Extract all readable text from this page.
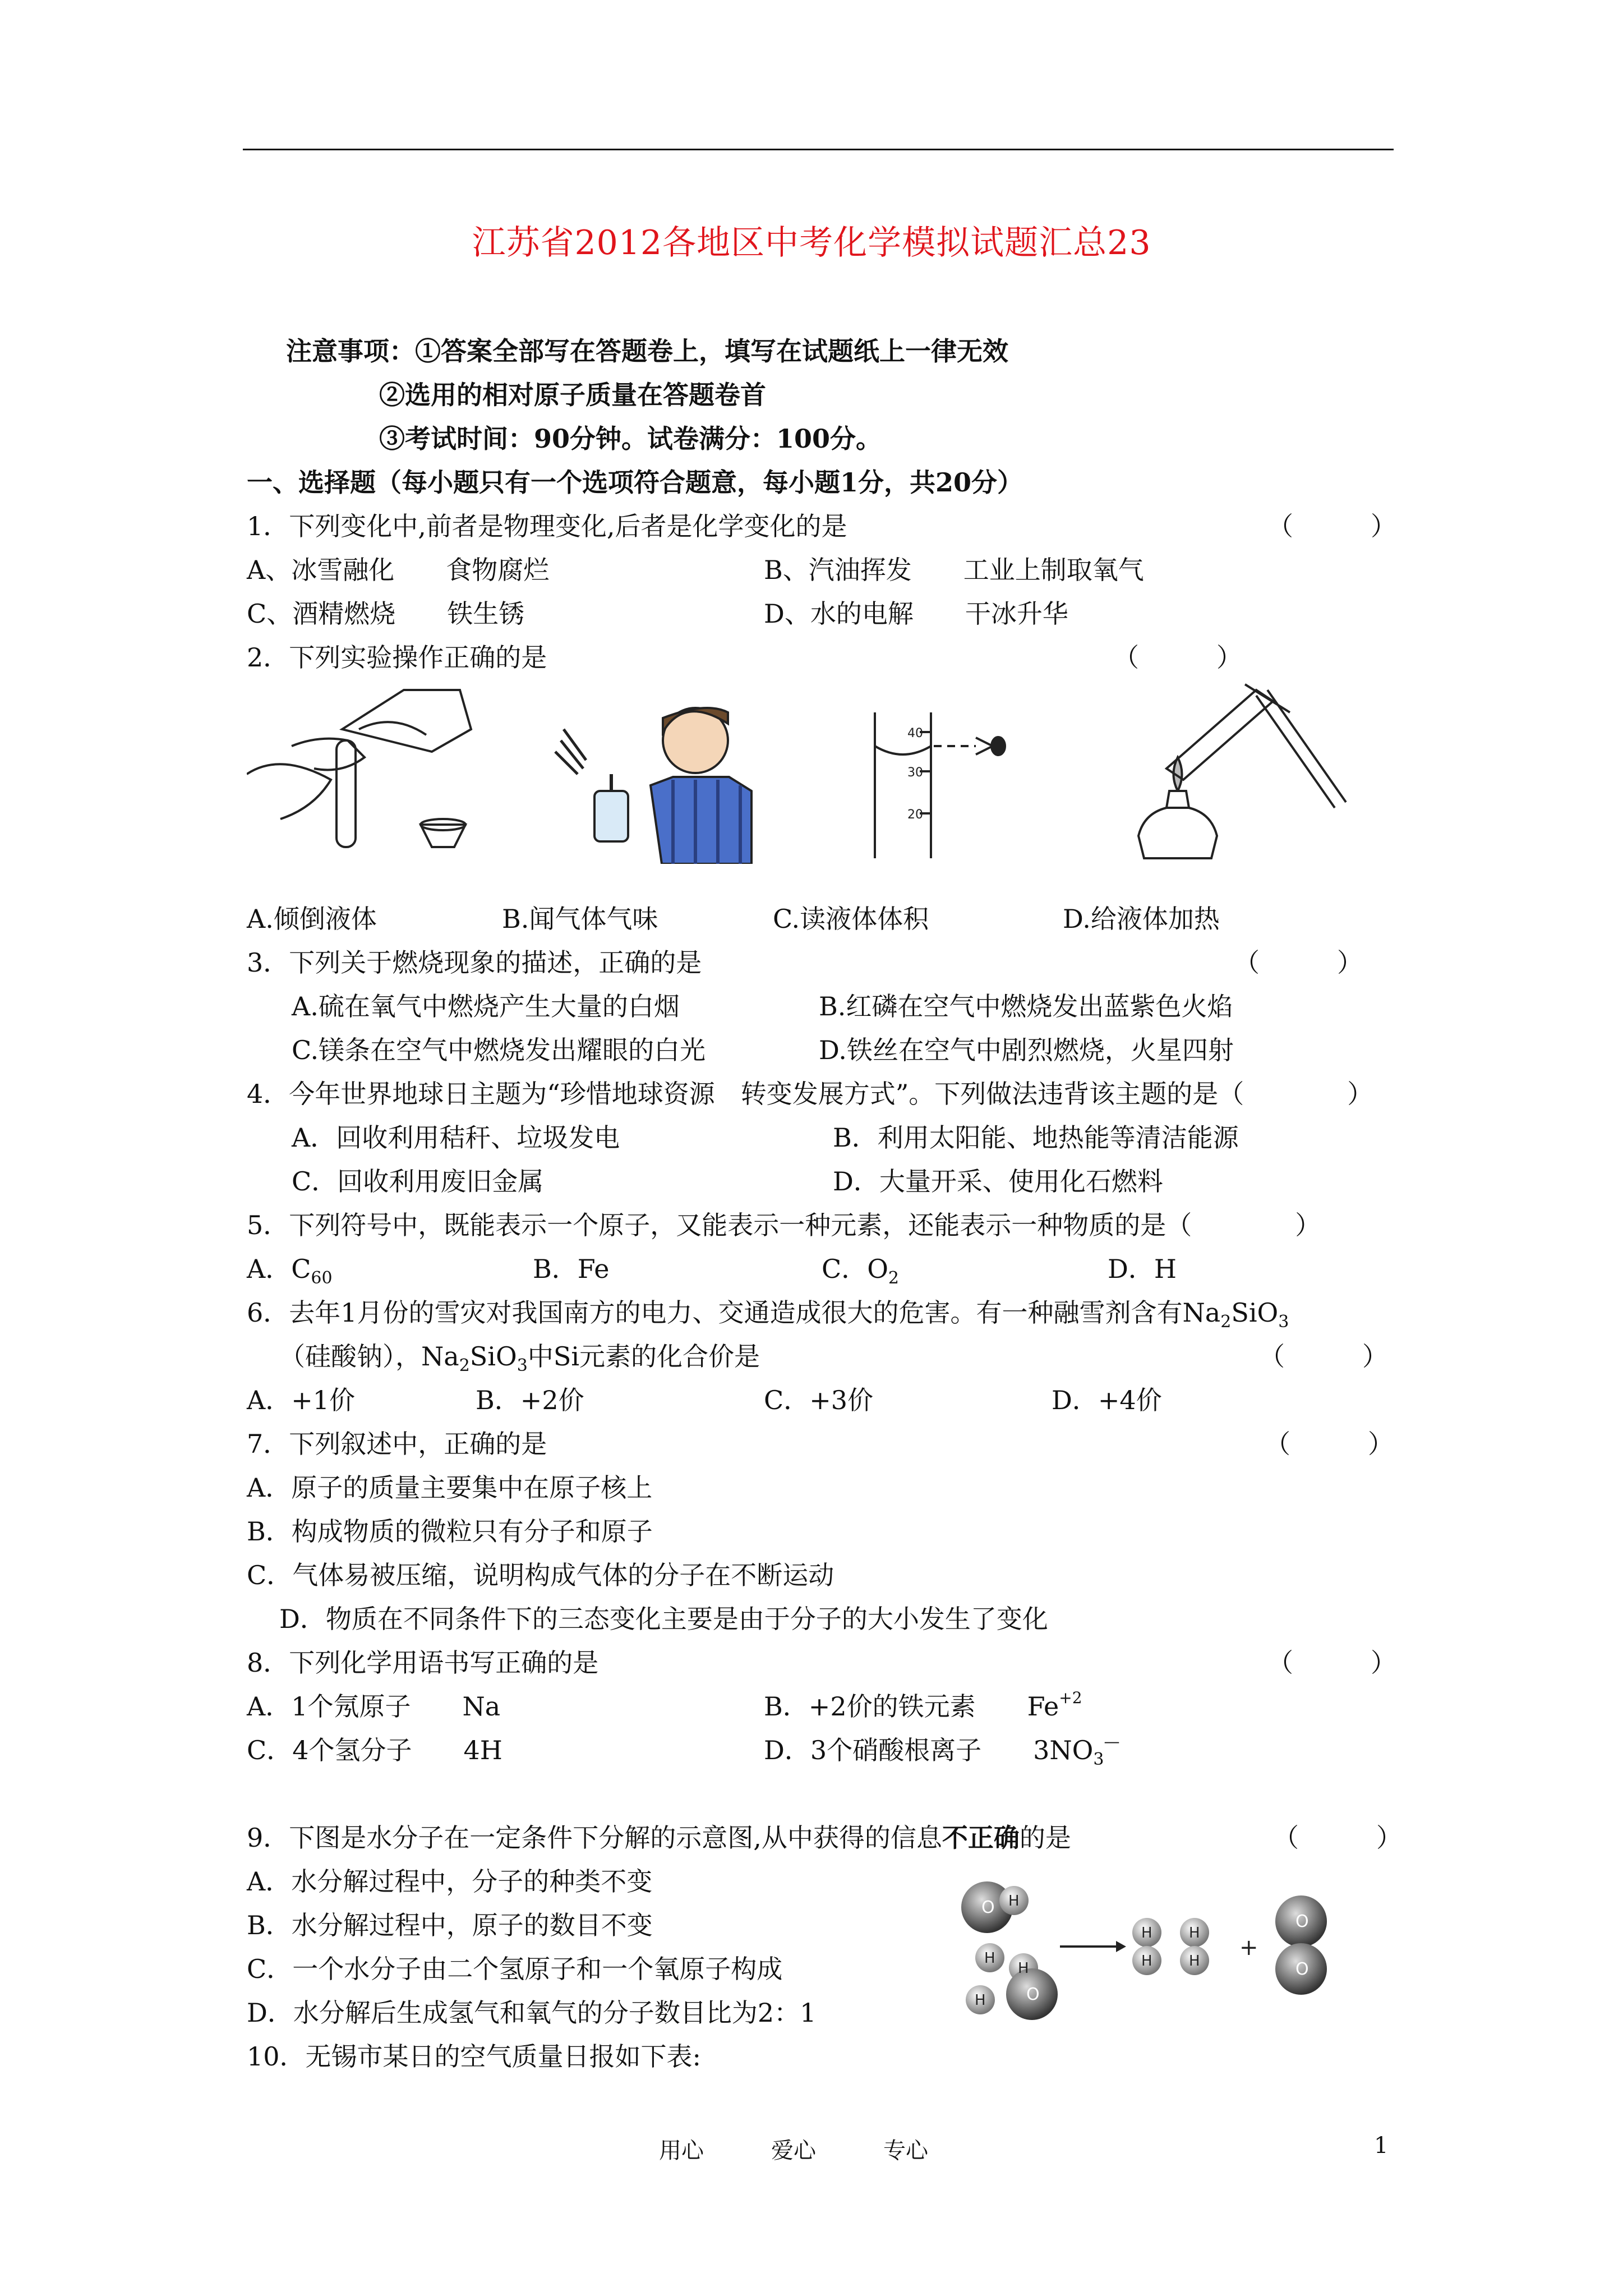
江苏省2012各地区中考化学模拟试题汇总23
注意事项：①答案全部写在答题卷上，填写在试题纸上一律无效
②选用的相对原子质量在答题卷首
③考试时间：90分钟。试卷满分：100分。
一、选择题（每小题只有一个选项符合题意，每小题1分，共20分）
1．下列变化中,前者是物理变化,后者是化学变化的是	（　　　）
A、冰雪融化　　食物腐烂	B、汽油挥发　　工业上制取氧气
C、酒精燃烧　　铁生锈	D、水的电解　　干冰升华
2．下列实验操作正确的是	（　　　）
40
30
20
A.倾倒液体	B.闻气体气味	C.读液体体积	D.给液体加热
3．下列关于燃烧现象的描述，正确的是	（　　　）
A.硫在氧气中燃烧产生大量的白烟	B.红磷在空气中燃烧发出蓝紫色火焰
C.镁条在空气中燃烧发出耀眼的白光	D.铁丝在空气中剧烈燃烧，火星四射
4．今年世界地球日主题为“珍惜地球资源　转变发展方式”。下列做法违背该主题的是（　　　　）
A．回收利用秸秆、垃圾发电	B．利用太阳能、地热能等清洁能源
C．回收利用废旧金属	D．大量开采、使用化石燃料
5．下列符号中，既能表示一个原子，又能表示一种元素，还能表示一种物质的是（　　　　）
A．$C_{60}$	B．Fe	C．$O_2$	D．H
6．去年1月份的雪灾对我国南方的电力、交通造成很大的危害。有一种融雪剂含有$Na_2SiO_3$
（硅酸钠），$Na_2SiO_3$中Si元素的化合价是	（　　　）
A．+1价	B．+2价	C．+3价	D．+4价
7．下列叙述中，正确的是	（　　　）
A．原子的质量主要集中在原子核上
B．构成物质的微粒只有分子和原子
C．气体易被压缩，说明构成气体的分子在不断运动
D．物质在不同条件下的三态变化主要是由于分子的大小发生了变化
8．下列化学用语书写正确的是	（　　　）
A．1个氖原子　　Na	B．+2价的铁元素　　$Fe^{+2}$
C．4个氢分子　　4H	D．3个硝酸根离子　　$3NO_3^—$
9．下图是水分子在一定条件下分解的示意图,从中获得的信息不正确的是	（　　　）
A．水分解过程中，分子的种类不变
B．水分解过程中，原子的数目不变
C．一个水分子由二个氢原子和一个氧原子构成
D．水分解后生成氢气和氧气的分子数目比为2：1
O H
H
H
O
H
H
H
H
H
+
O
O
10．无锡市某日的空气质量日报如下表:
用心	爱心	专心	1
